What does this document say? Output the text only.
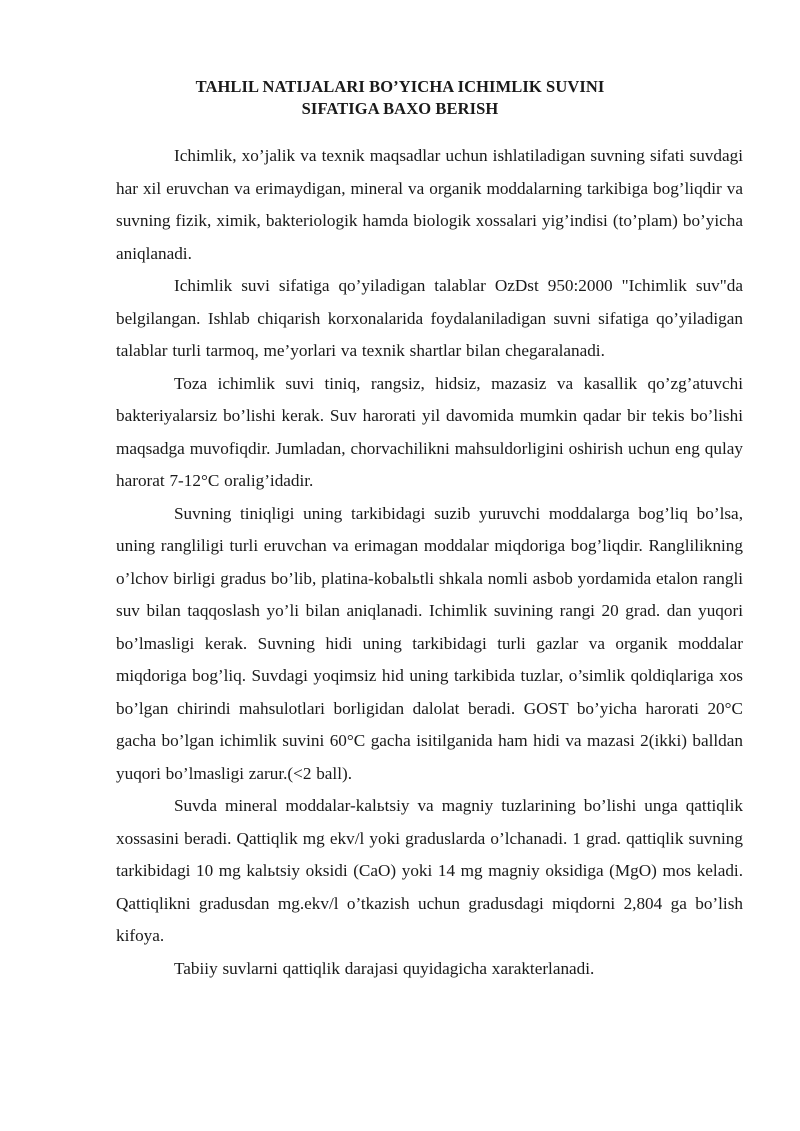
TAHLIL NATIJALARI BO’YICHA ICHIMLIK SUVINI
SIFATIGA BAXO BERISH

Ichimlik, xo’jalik va texnik maqsadlar uchun ishlatiladigan suvning sifati suvdagi har xil eruvchan va erimaydigan, mineral va organik moddalarning tarkibiga bog’liqdir va suvning fizik, ximik, bakteriologik hamda biologik xossalari yig’indisi (to’plam) bo’yicha aniqlanadi.

Ichimlik suvi sifatiga qo’yiladigan talablar OzDst 950:2000 "Ichimlik suv"da belgilangan. Ishlab chiqarish korxonalarida foydalaniladigan suvni sifatiga qo’yiladigan talablar turli tarmoq, me’yorlari va texnik shartlar bilan chegaralanadi.

Toza ichimlik suvi tiniq, rangsiz, hidsiz, mazasiz va kasallik qo’zg’atuvchi bakteriyalarsiz bo’lishi kerak. Suv harorati yil davomida mumkin qadar bir tekis bo’lishi maqsadga muvofiqdir. Jumladan, chorvachilikni mahsuldorligini oshirish uchun eng qulay harorat 7-12°C oralig’idadir.

Suvning tiniqligi uning tarkibidagi suzib yuruvchi moddalarga bog’liq bo’lsa, uning rangliligi turli eruvchan va erimagan moddalar miqdoriga bog’liqdir. Ranglilikning o’lchov birligi gradus bo’lib, platina-kobalьtli shkala nomli asbob yordamida etalon rangli suv bilan taqqoslash yo’li bilan aniqlanadi. Ichimlik suvining rangi 20 grad. dan yuqori bo’lmasligi kerak. Suvning hidi uning tarkibidagi turli gazlar va organik moddalar miqdoriga bog’liq. Suvdagi yoqimsiz hid uning tarkibida tuzlar, o’simlik qoldiqlariga xos bo’lgan chirindi mahsulotlari borligidan dalolat beradi. GOST bo’yicha harorati 20°C gacha bo’lgan ichimlik suvini 60°C gacha isitilganida ham hidi va mazasi 2(ikki) balldan yuqori bo’lmasligi zarur.(<2 ball).

Suvda mineral moddalar-kalьtsiy va magniy tuzlarining bo’lishi unga qattiqlik xossasini beradi. Qattiqlik mg ekv/l yoki graduslarda o’lchanadi. 1 grad. qattiqlik suvning tarkibidagi 10 mg kalьtsiy oksidi (CaO) yoki 14 mg magniy oksidiga (MgO) mos keladi. Qattiqlikni gradusdan mg.ekv/l o’tkazish uchun gradusdagi miqdorni 2,804 ga bo’lish kifoya.

Tabiiy suvlarni qattiqlik darajasi quyidagicha xarakterlanadi.
